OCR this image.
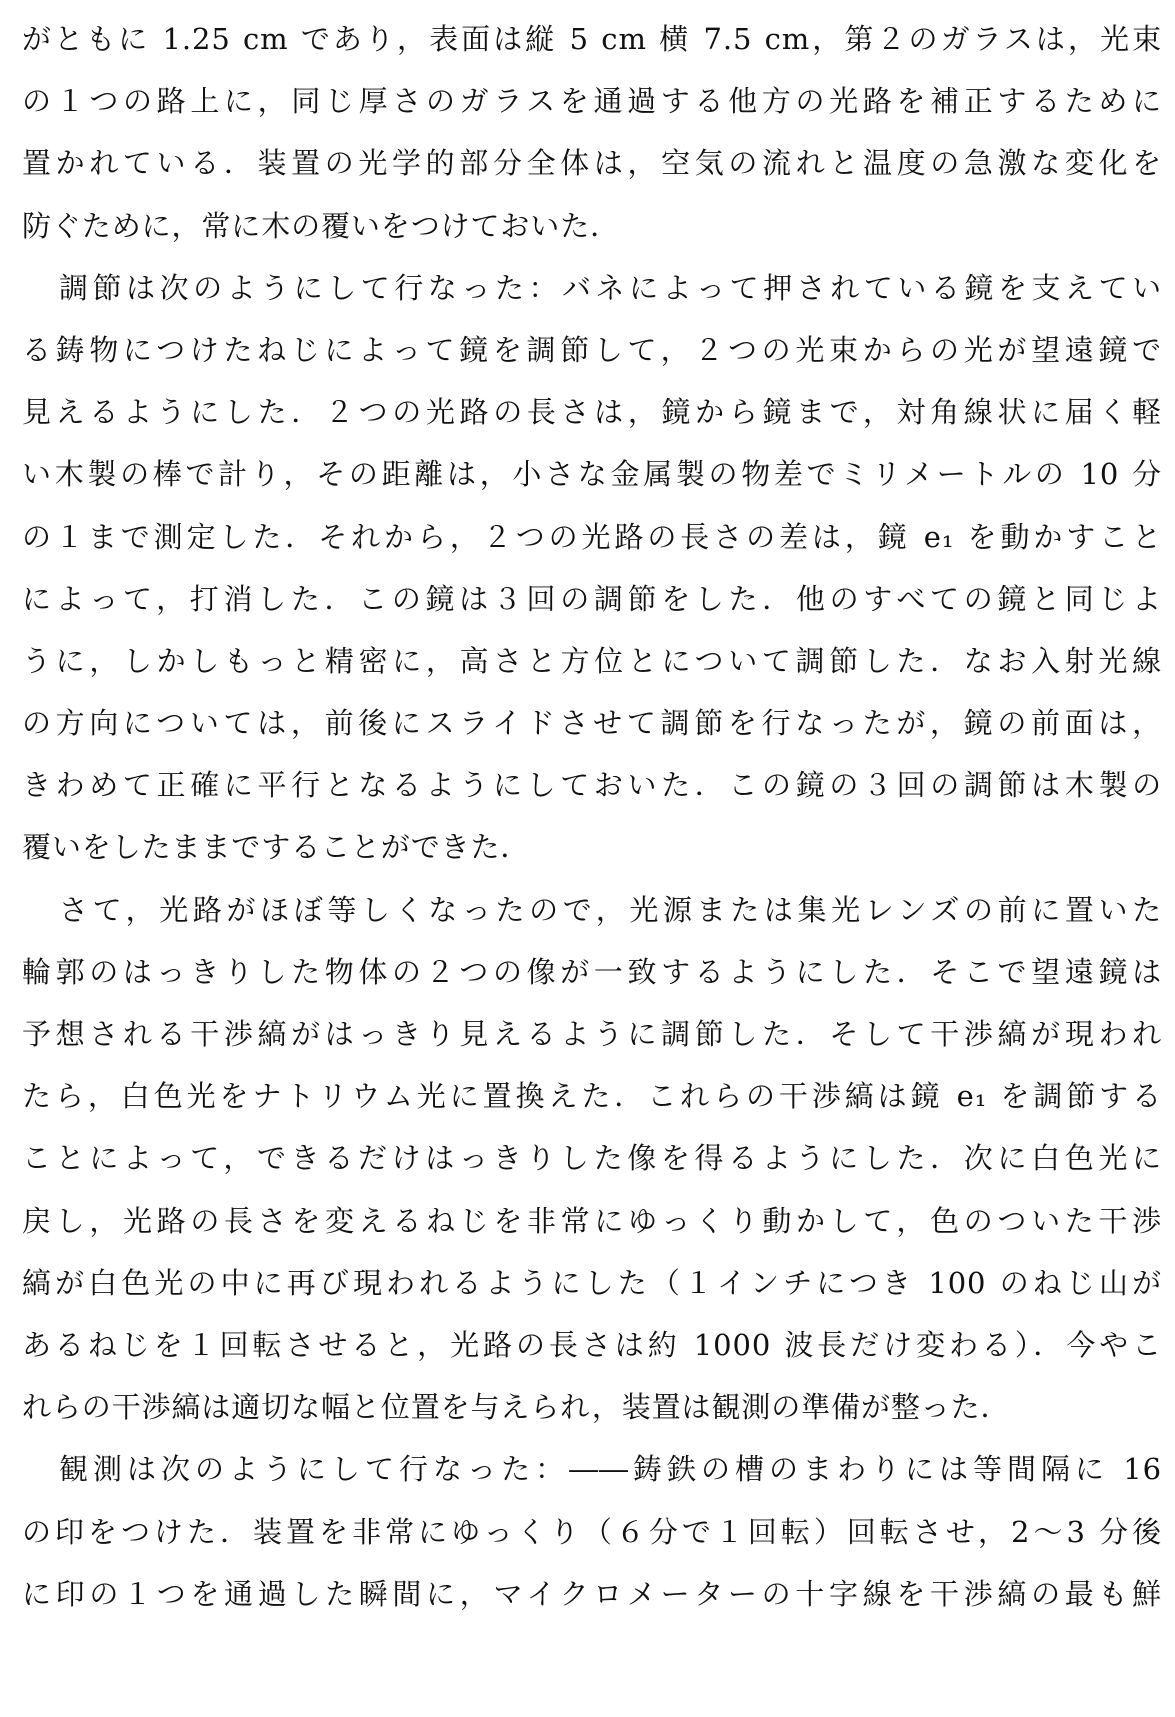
がともに 1.25 cm であり，表面は縦 5 cm 横 7.5 cm，第２のガラスは，光束
の１つの路上に，同じ厚さのガラスを通過する他方の光路を補正するために
置かれている．装置の光学的部分全体は，空気の流れと温度の急激な変化を
防ぐために，常に木の覆いをつけておいた．
調節は次のようにして行なった：バネによって押されている鏡を支えてい
る鋳物につけたねじによって鏡を調節して，２つの光束からの光が望遠鏡で
見えるようにした．２つの光路の長さは，鏡から鏡まで，対角線状に届く軽
い木製の棒で計り，その距離は，小さな金属製の物差でミリメートルの 10 分
の１まで測定した．それから，２つの光路の長さの差は，鏡 e₁ を動かすこと
によって，打消した．この鏡は３回の調節をした．他のすべての鏡と同じよ
うに，しかしもっと精密に，高さと方位とについて調節した．なお入射光線
の方向については，前後にスライドさせて調節を行なったが，鏡の前面は，
きわめて正確に平行となるようにしておいた．この鏡の３回の調節は木製の
覆いをしたままですることができた．
さて，光路がほぼ等しくなったので，光源または集光レンズの前に置いた
輪郭のはっきりした物体の２つの像が一致するようにした．そこで望遠鏡は
予想される干渉縞がはっきり見えるように調節した．そして干渉縞が現われ
たら，白色光をナトリウム光に置換えた．これらの干渉縞は鏡 e₁ を調節する
ことによって，できるだけはっきりした像を得るようにした．次に白色光に
戻し，光路の長さを変えるねじを非常にゆっくり動かして，色のついた干渉
縞が白色光の中に再び現われるようにした（１インチにつき 100 のねじ山が
あるねじを１回転させると，光路の長さは約 1000 波長だけ変わる）．今やこ
れらの干渉縞は適切な幅と位置を与えられ，装置は観測の準備が整った．
観測は次のようにして行なった：――鋳鉄の槽のまわりには等間隔に 16
の印をつけた．装置を非常にゆっくり（６分で１回転）回転させ，2〜3 分後
に印の１つを通過した瞬間に，マイクロメーターの十字線を干渉縞の最も鮮
